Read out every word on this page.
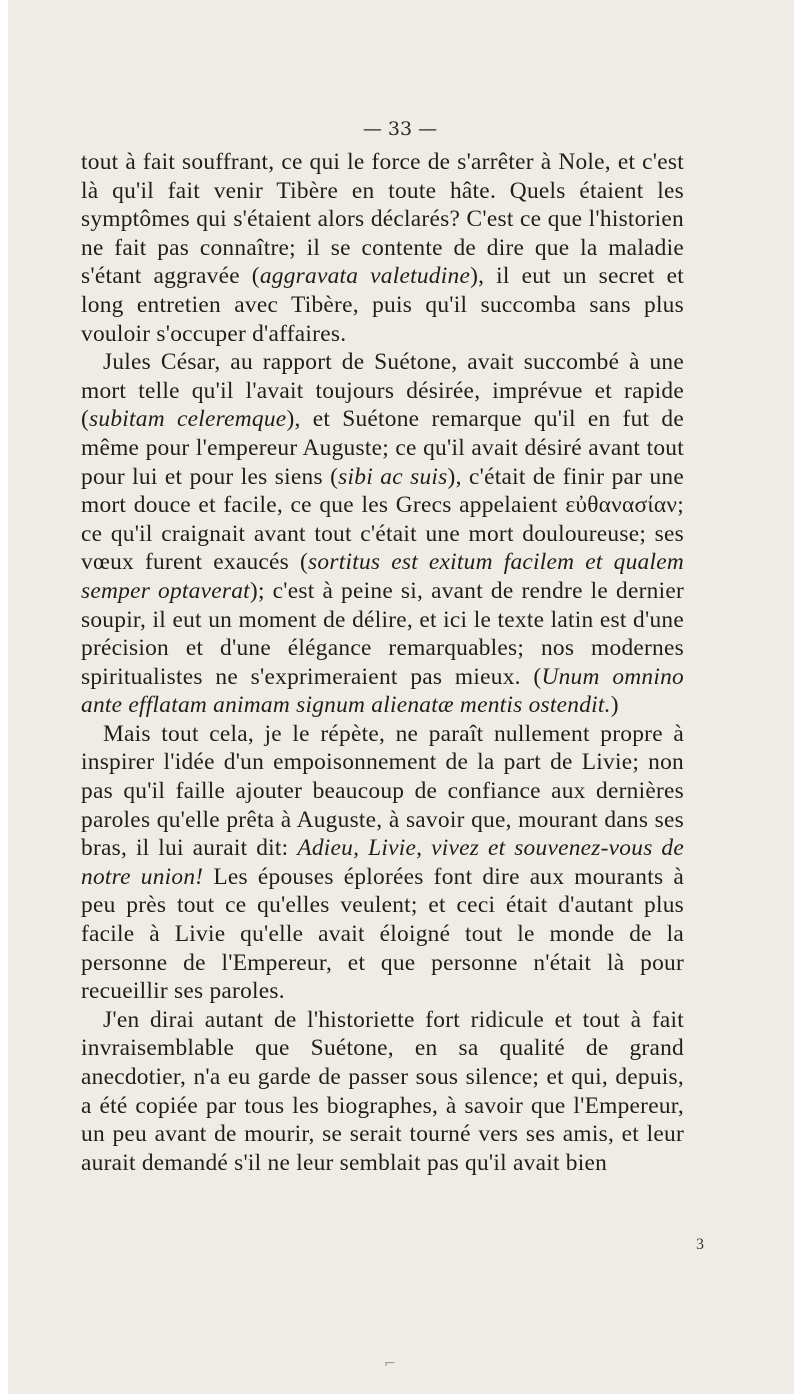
— 33 —

tout à fait souffrant, ce qui le force de s'arrêter à Nole, et c'est là qu'il fait venir Tibère en toute hâte. Quels étaient les symptômes qui s'étaient alors déclarés? C'est ce que l'historien ne fait pas connaître; il se contente de dire que la maladie s'étant aggravée (aggravata valetudine), il eut un secret et long entretien avec Tibère, puis qu'il succomba sans plus vouloir s'occuper d'affaires.

Jules César, au rapport de Suétone, avait succombé à une mort telle qu'il l'avait toujours désirée, imprévue et rapide (subitam celeremque), et Suétone remarque qu'il en fut de même pour l'empereur Auguste; ce qu'il avait désiré avant tout pour lui et pour les siens (sibi ac suis), c'était de finir par une mort douce et facile, ce que les Grecs appelaient εὐθανασίαν; ce qu'il craignait avant tout c'était une mort douloureuse; ses vœux furent exaucés (sortitus est exitum facilem et qualem semper optaverat); c'est à peine si, avant de rendre le dernier soupir, il eut un moment de délire, et ici le texte latin est d'une précision et d'une élégance remarquables; nos modernes spiritualistes ne s'exprimeraient pas mieux. (Unum omnino ante efflatam animam signum alienatæ mentis ostendit.)

Mais tout cela, je le répète, ne paraît nullement propre à inspirer l'idée d'un empoisonnement de la part de Livie; non pas qu'il faille ajouter beaucoup de confiance aux dernières paroles qu'elle prêta à Auguste, à savoir que, mourant dans ses bras, il lui aurait dit: Adieu, Livie, vivez et souvenez-vous de notre union! Les épouses éplorées font dire aux mourants à peu près tout ce qu'elles veulent; et ceci était d'autant plus facile à Livie qu'elle avait éloigné tout le monde de la personne de l'Empereur, et que personne n'était là pour recueillir ses paroles.

J'en dirai autant de l'historiette fort ridicule et tout à fait invraisemblable que Suétone, en sa qualité de grand anecdotier, n'a eu garde de passer sous silence; et qui, depuis, a été copiée par tous les biographes, à savoir que l'Empereur, un peu avant de mourir, se serait tourné vers ses amis, et leur aurait demandé s'il ne leur semblait pas qu'il avait bien

3
⌐
